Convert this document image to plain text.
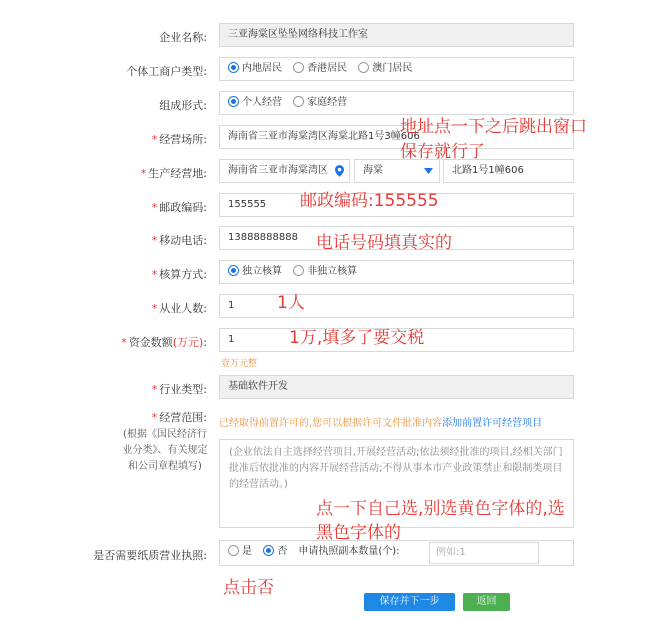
企业名称:	三亚海棠区坠坠网络科技工作室
个体工商户类型:	内地居民	香港居民	澳门居民
组成形式:	个人经营	家庭经营
* 经营场所:	海南省三亚市海棠湾区海棠北路1号3幢606
* 生产经营地:	海南省三亚市海棠湾区	海棠	北路1号1幢606
* 邮政编码:	155555
* 移动电话:	13888888888
* 核算方式:	独立核算	非独立核算
* 从业人数:	1
* 资金数额(万元):	1
壹万元整
* 行业类型:	基础软件开发
* 经营范围:
(根据《国民经济行业分类》、有关规定和公司章程填写)
已经取得前置许可的,您可以根据许可文件批准内容添加前置许可经营项目
(企业依法自主选择经营项目,开展经营活动;依法须经批准的项目,经相关部门批准后依批准的内容开展经营活动;不得从事本市产业政策禁止和限制类项目的经营活动。)
是否需要纸质营业执照:	是	否 申请执照副本数量(个):	例如:1
保存并下一步	返回
地址点一下之后跳出窗口
保存就行了
邮政编码:155555
电话号码填真实的
1人
1万,填多了要交税
点一下自己选,别选黄色字体的,选
黑色字体的
点击否
